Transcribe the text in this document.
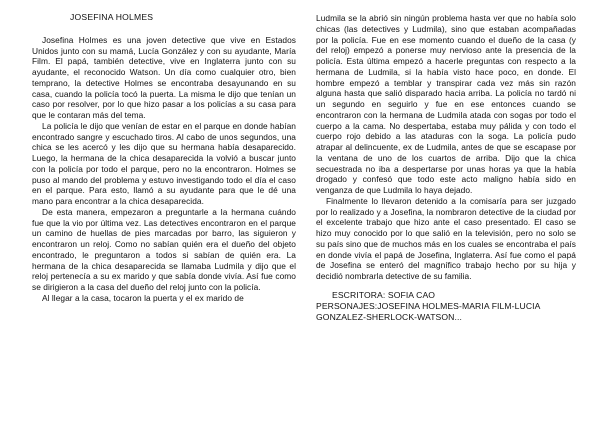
JOSEFINA HOLMES

Josefina Holmes es una joven detective que vive en Estados Unidos junto con su mamá, Lucía González y con su ayudante, María Film. El papá, también detective, vive en Inglaterra junto con su ayudante, el reconocido Watson. Un día como cualquier otro, bien temprano, la detective Holmes se encontraba desayunando en su casa, cuando la policía tocó la puerta. La misma le dijo que tenían un caso por resolver, por lo que hizo pasar a los policías a su casa para que le contaran más del tema.

La policía le dijo que venían de estar en el parque en donde habían encontrado sangre y escuchado tiros. Al cabo de unos segundos, una chica se les acercó y les dijo que su hermana había desaparecido. Luego, la hermana de la chica desaparecida la volvió a buscar junto con la policía por todo el parque, pero no la encontraron. Holmes se puso al mando del problema y estuvo investigando todo el día el caso en el parque. Para esto, llamó a su ayudante para que le dé una mano para encontrar a la chica desaparecida.

De esta manera, empezaron a preguntarle a la hermana cuándo fue que la vio por última vez. Las detectives encontraron en el parque un camino de huellas de pies marcadas por barro, las siguieron y encontraron un reloj. Como no sabían quién era el dueño del objeto encontrado, le preguntaron a todos si sabían de quién era. La hermana de la chica desaparecida se llamaba Ludmila y dijo que el reloj pertenecía a su ex marido y que sabía donde vivía. Así fue como se dirigieron a la casa del dueño del reloj junto con la policía.

Al llegar a la casa, tocaron la puerta y el ex marido de

Ludmila se la abrió sin ningún problema hasta ver que no había solo chicas (las detectives y Ludmila), sino que estaban acompañadas por la policía. Fue en ese momento cuando el dueño de la casa (y del reloj) empezó a ponerse muy nervioso ante la presencia de la policía. Esta última empezó a hacerle preguntas con respecto a la hermana de Ludmila, si la había visto hace poco, en donde. El hombre empezó a temblar y transpirar cada vez más sin razón alguna hasta que salió disparado hacia arriba. La policía no tardó ni un segundo en seguirlo y fue en ese entonces cuando se encontraron con la hermana de Ludmila atada con sogas por todo el cuerpo a la cama. No despertaba, estaba muy pálida y con todo el cuerpo rojo debido a las ataduras con la soga. La policía pudo atrapar al delincuente, ex de Ludmila, antes de que se escapase por la ventana de uno de los cuartos de arriba. Dijo que la chica secuestrada no iba a despertarse por unas horas ya que la había drogado y confesó que todo este acto maligno había sido en venganza de que Ludmila lo haya dejado.

Finalmente lo llevaron detenido a la comisaría para ser juzgado por lo realizado y a Josefina, la nombraron detective de la ciudad por el excelente trabajo que hizo ante el caso presentado. El caso se hizo muy conocido por lo que salió en la televisión, pero no solo se su país sino que de muchos más en los cuales se encontraba el país en donde vivía el papá de Josefina, Inglaterra. Así fue como el papá de Josefina se enteró del magnífico trabajo hecho por su hija y decidió nombrarla detective de su familia.

ESCRITORA: SOFIA CAO
PERSONAJES:JOSEFINA HOLMES-MARIA FILM-LUCIA
GONZALEZ-SHERLOCK-WATSON...
